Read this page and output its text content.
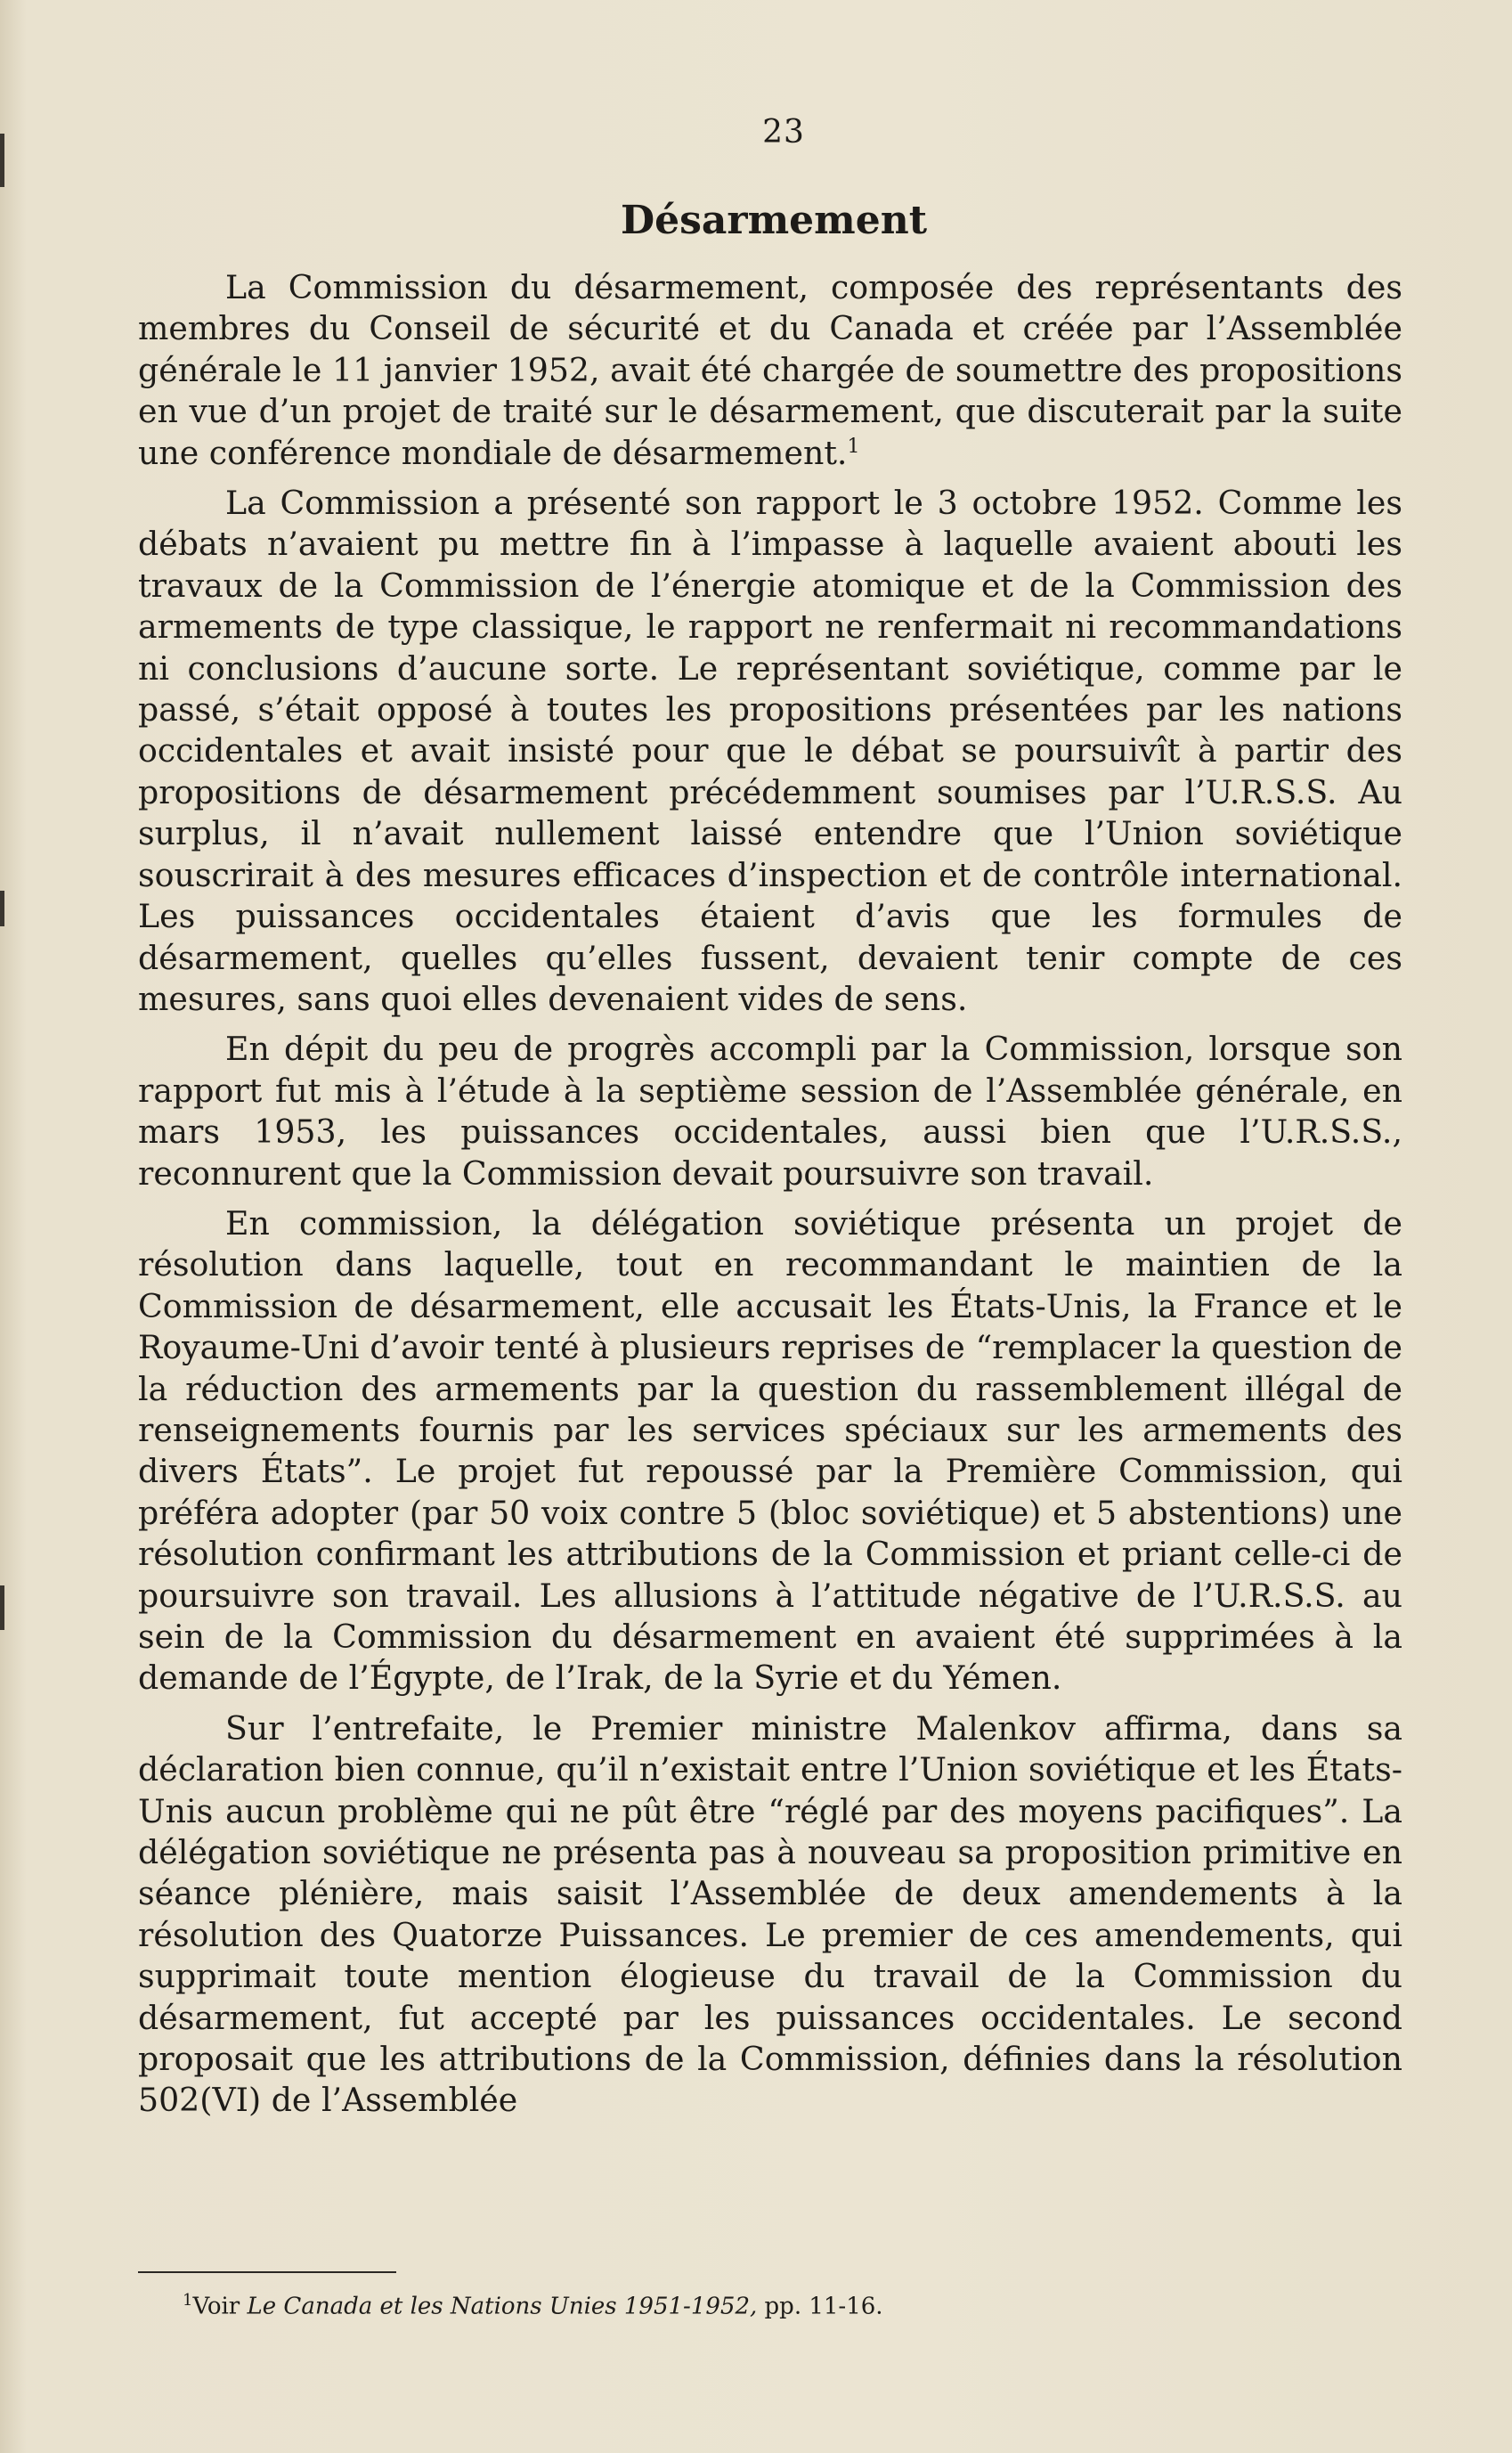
23
Désarmement

La Commission du désarmement, composée des représentants des membres du Conseil de sécurité et du Canada et créée par l’Assemblée générale le 11 janvier 1952, avait été chargée de soumettre des propositions en vue d’un projet de traité sur le désarmement, que discuterait par la suite une conférence mondiale de désarmement.$^1$

La Commission a présenté son rapport le 3 octobre 1952. Comme les débats n’avaient pu mettre fin à l’impasse à laquelle avaient abouti les travaux de la Commission de l’énergie atomique et de la Commission des armements de type classique, le rapport ne renfermait ni recommandations ni conclusions d’aucune sorte. Le représentant soviétique, comme par le passé, s’était opposé à toutes les propositions présentées par les nations occidentales et avait insisté pour que le débat se poursuivît à partir des propositions de désarmement précédemment soumises par l’U.R.S.S. Au surplus, il n’avait nullement laissé entendre que l’Union soviétique souscrirait à des mesures efficaces d’inspection et de contrôle international. Les puissances occidentales étaient d’avis que les formules de désarmement, quelles qu’elles fussent, devaient tenir compte de ces mesures, sans quoi elles devenaient vides de sens.

En dépit du peu de progrès accompli par la Commission, lorsque son rapport fut mis à l’étude à la septième session de l’Assemblée générale, en mars 1953, les puissances occidentales, aussi bien que l’U.R.S.S., reconnurent que la Commission devait poursuivre son travail.

En commission, la délégation soviétique présenta un projet de résolution dans laquelle, tout en recommandant le maintien de la Commission de désarmement, elle accusait les États-Unis, la France et le Royaume-Uni d’avoir tenté à plusieurs reprises de “remplacer la question de la réduction des armements par la question du rassemblement illégal de renseignements fournis par les services spéciaux sur les armements des divers États”. Le projet fut repoussé par la Première Commission, qui préféra adopter (par 50 voix contre 5 (bloc soviétique) et 5 abstentions) une résolution confirmant les attributions de la Commission et priant celle-ci de poursuivre son travail. Les allusions à l’attitude négative de l’U.R.S.S. au sein de la Commission du désarmement en avaient été supprimées à la demande de l’Égypte, de l’Irak, de la Syrie et du Yémen.

Sur l’entrefaite, le Premier ministre Malenkov affirma, dans sa déclaration bien connue, qu’il n’existait entre l’Union soviétique et les États-Unis aucun problème qui ne pût être “réglé par des moyens pacifiques”. La délégation soviétique ne présenta pas à nouveau sa proposition primitive en séance plénière, mais saisit l’Assemblée de deux amendements à la résolution des Quatorze Puissances. Le premier de ces amendements, qui supprimait toute mention élogieuse du travail de la Commission du désarmement, fut accepté par les puissances occidentales. Le second proposait que les attributions de la Commission, définies dans la résolution 502(VI) de l’Assemblée

$^1$Voir Le Canada et les Nations Unies 1951-1952, pp. 11-16.
